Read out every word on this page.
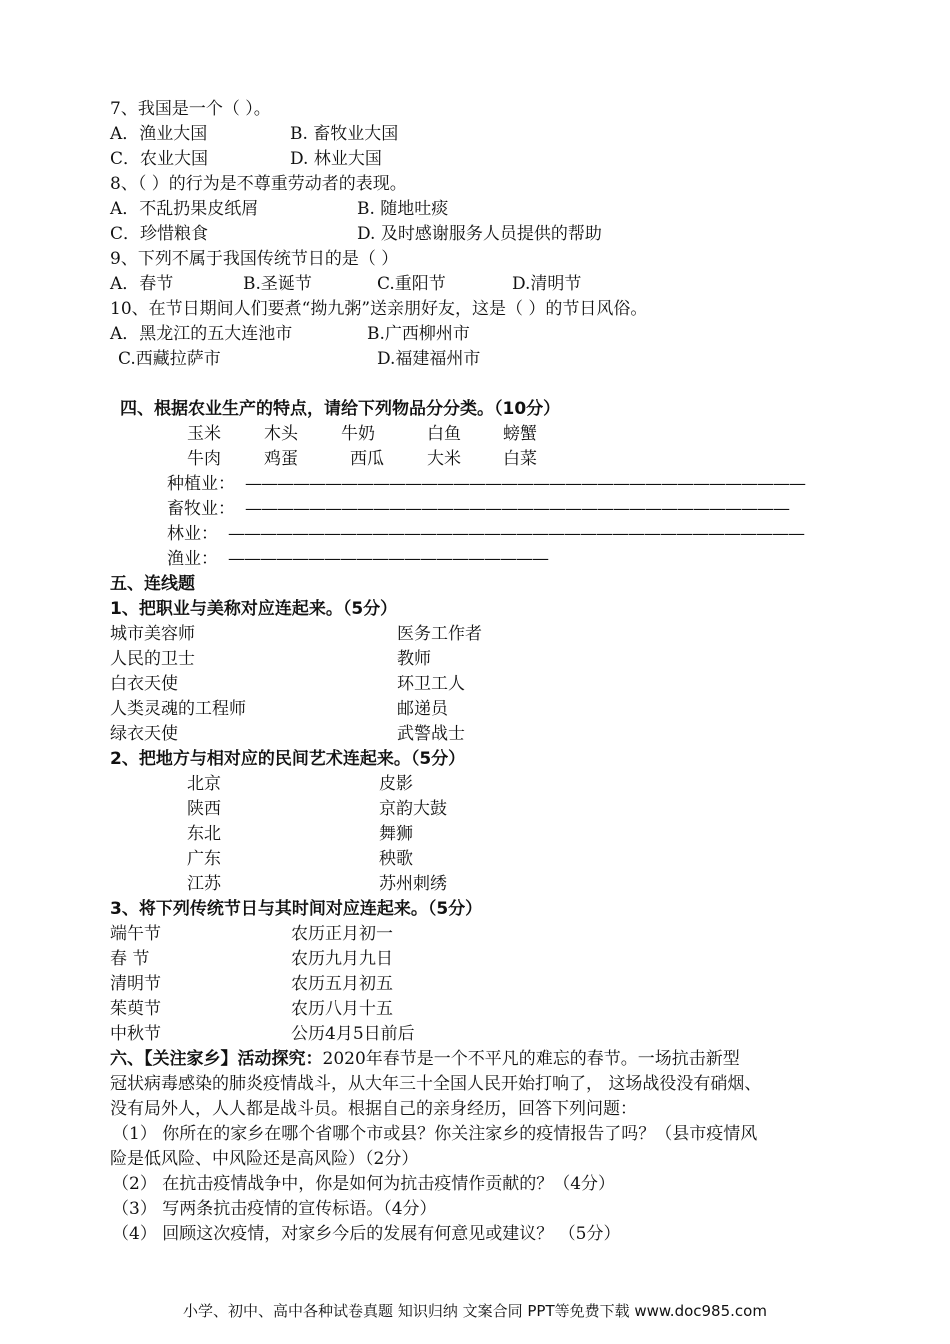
7、我国是一个（ ）。
A．渔业大国	B. 畜牧业大国
C．农业大国	D. 林业大国
8、（ ）的行为是不尊重劳动者的表现。
A．不乱扔果皮纸屑	B. 随地吐痰
C．珍惜粮食	D. 及时感谢服务人员提供的帮助
9、下列不属于我国传统节日的是（ ）
A．春节	B.圣诞节	C.重阳节	D.清明节
10、在节日期间人们要煮“拗九粥”送亲朋好友，这是（ ）的节日风俗。
A．黑龙江的五大连池市	B.广西柳州市
C.西藏拉萨市	D.福建福州市
四、根据农业生产的特点，请给下列物品分分类。（10分）
玉米	木头	牛奶	白鱼 螃蟹
牛肉	鸡蛋	西瓜	大米 白菜
种植业： ———————————————————————————————————
畜牧业： ——————————————————————————————————
林业： ————————————————————————————————————
渔业： ————————————————————
五、连线题
1、把职业与美称对应连起来。（5分）
城市美容师	医务工作者
人民的卫士	教师
白衣天使	环卫工人
人类灵魂的工程师	邮递员
绿衣天使	武警战士
2、把地方与相对应的民间艺术连起来。（5分）
北京	皮影
陕西	京韵大鼓
东北	舞狮
广东	秧歌
江苏	苏州刺绣
3、将下列传统节日与其时间对应连起来。（5分）
端午节	农历正月初一
春 节	农历九月九日
清明节	农历五月初五
茱萸节	农历八月十五
中秋节	公历4月5日前后
六、【关注家乡】活动探究：2020年春节是一个不平凡的难忘的春节。一场抗击新型
冠状病毒感染的肺炎疫情战斗，从大年三十全国人民开始打响了， 这场战役没有硝烟、
没有局外人，人人都是战斗员。根据自己的亲身经历，回答下列问题：
（1） 你所在的家乡在哪个省哪个市或县？你关注家乡的疫情报告了吗？（县市疫情风
险是低风险、中风险还是高风险）（2分）
（2） 在抗击疫情战争中，你是如何为抗击疫情作贡献的？（4分）
（3） 写两条抗击疫情的宣传标语。（4分）
（4） 回顾这次疫情，对家乡今后的发展有何意见或建议？ （5分）
小学、初中、高中各种试卷真题 知识归纳 文案合同 PPT等免费下载 www.doc985.com
